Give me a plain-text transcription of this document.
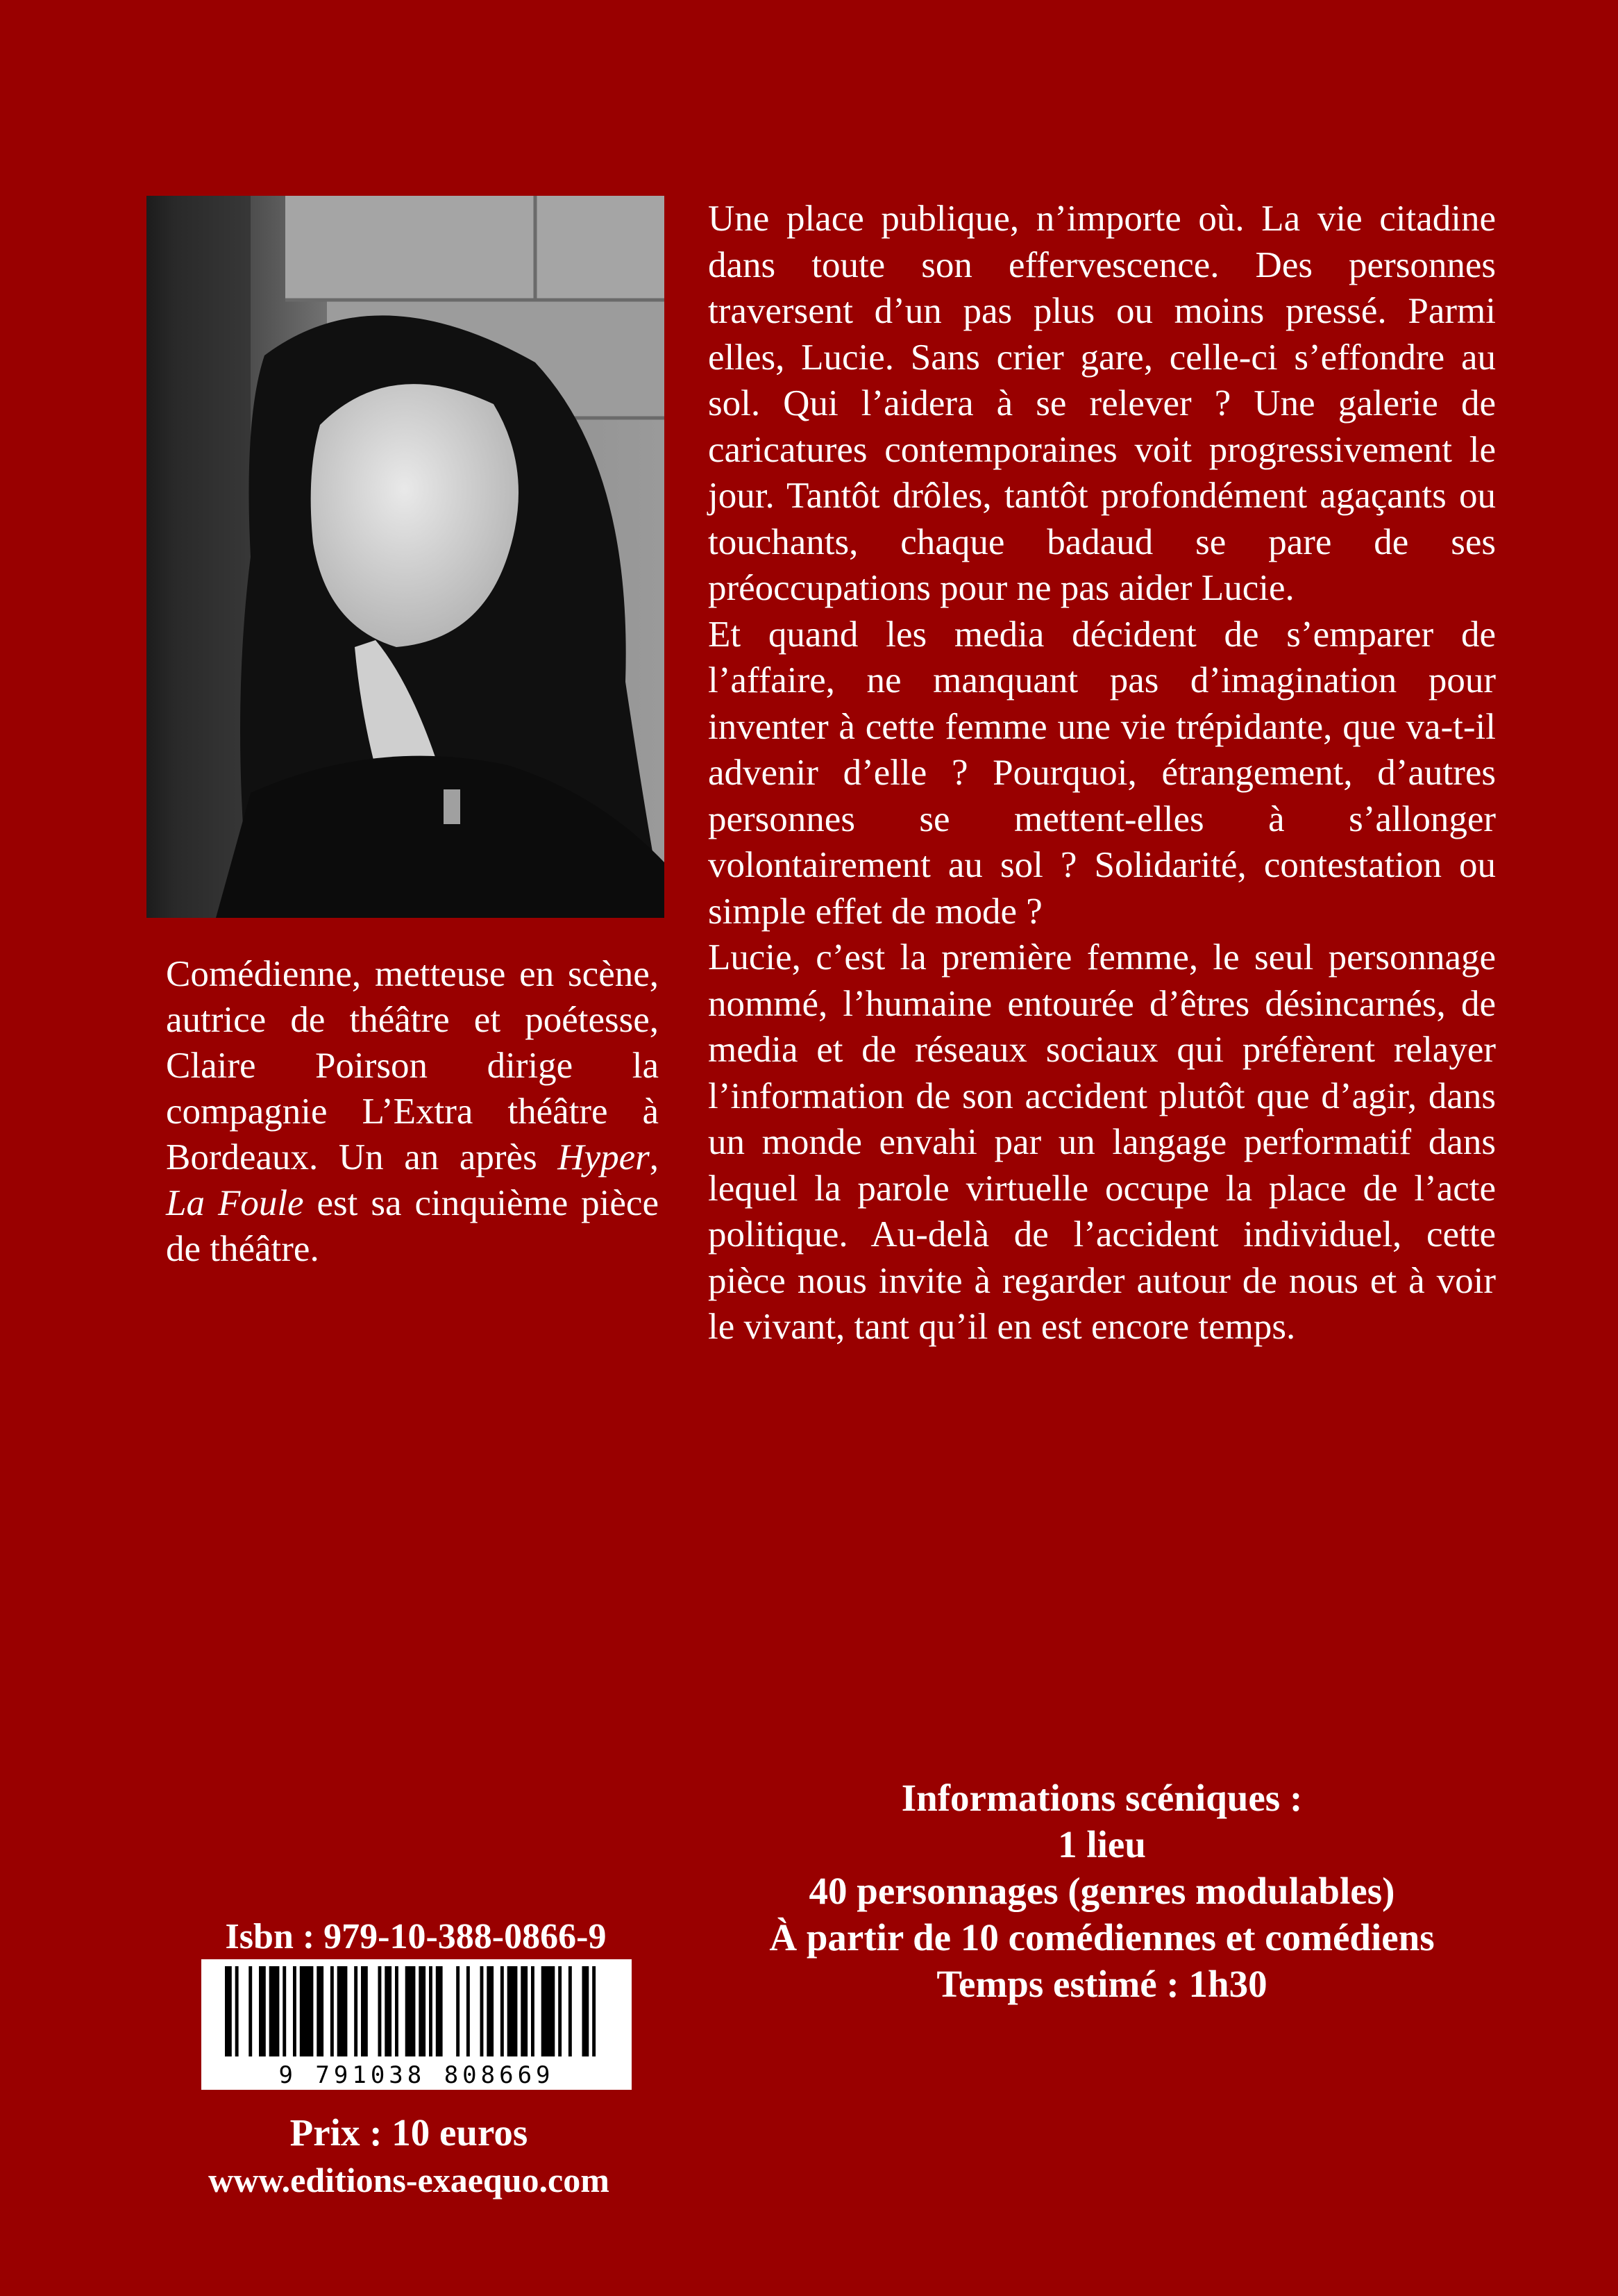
Comédienne, metteuse en scène, autrice de théâtre et poétesse, Claire Poirson dirige la compagnie L’Extra théâtre à Bordeaux. Un an après Hyper, La Foule est sa cinquième pièce de théâtre.

Une place publique, n’importe où. La vie citadine dans toute son effervescence. Des personnes traversent d’un pas plus ou moins pressé. Parmi elles, Lucie. Sans crier gare, celle-ci s’effondre au sol. Qui l’aidera à se relever ? Une galerie de caricatures contemporaines voit progressivement le jour. Tantôt drôles, tantôt profondément agaçants ou touchants, chaque badaud se pare de ses préoccupations pour ne pas aider Lucie.

Et quand les media décident de s’emparer de l’affaire, ne manquant pas d’imagination pour inventer à cette femme une vie trépidante, que va-t-il advenir d’elle ? Pourquoi, étrangement, d’autres personnes se mettent-elles à s’allonger volontairement au sol ? Solidarité, contestation ou simple effet de mode ?

Lucie, c’est la première femme, le seul personnage nommé, l’humaine entourée d’êtres désincarnés, de media et de réseaux sociaux qui préfèrent relayer l’information de son accident plutôt que d’agir, dans un monde envahi par un langage performatif dans lequel la parole virtuelle occupe la place de l’acte politique. Au-delà de l’accident individuel, cette pièce nous invite à regarder autour de nous et à voir le vivant, tant qu’il en est encore temps.

Informations scéniques :
1 lieu
40 personnages (genres modulables)
À partir de 10 comédiennes et comédiens
Temps estimé : 1h30
Isbn : 979-10-388-0866-9
9 791038 808669
Prix : 10 euros
www.editions-exaequo.com
